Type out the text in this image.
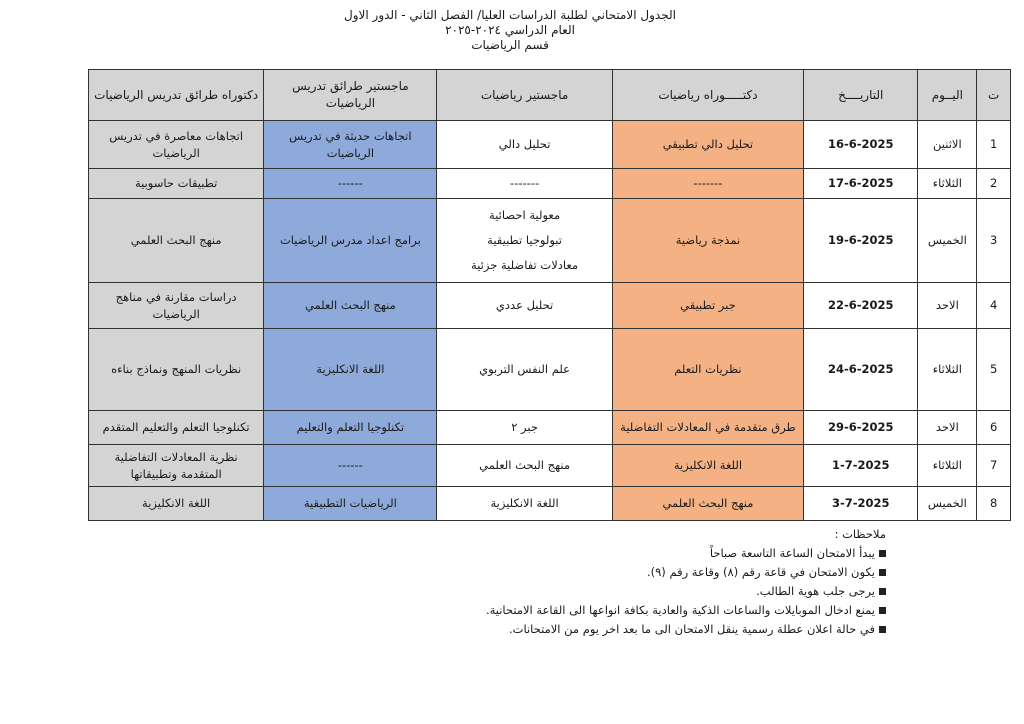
الجدول الامتحاني لطلبة الدراسات العليا/ الفصل الثاني - الدور الاول
العام الدراسي ٢٠٢٤-٢٠٢٥
قسم الرياضيات
ت	اليــوم	التاريــــخ	دكتـــــوراه رياضيات	ماجستير رياضيات	ماجستير طرائق تدريس الرياضيات	دكتوراه طرائق تدريس الرياضيات
1	الاثنين	16-6-2025	تحليل دالي تطبيقي	تحليل دالي	اتجاهات حديثة في تدريس الرياضيات	اتجاهات معاصرة في تدريس الرياضيات
2	الثلاثاء	17-6-2025	-------	-------	------	تطبيقات حاسوبية
3	الخميس	19-6-2025	نمذجة رياضية	معولية احصائية
تبولوجيا تطبيقية
معادلات تفاضلية جزئية	برامج اعداد مدرس الرياضيات	منهج البحث العلمي
4	الاحد	22-6-2025	جبر تطبيقي	تحليل عددي	منهج البحث العلمي	دراسات مقارنة في مناهج الرياضيات
5	الثلاثاء	24-6-2025	نظريات التعلم	علم النفس التربوي	اللغة الانكليزية	نظريات المنهج ونماذج بناءه
6	الاحد	29-6-2025	طرق متقدمة في المعادلات التفاضلية	جبر ٢	تكنلوجيا التعلم والتعليم	تكنلوجيا التعلم والتعليم المتقدم
7	الثلاثاء	1-7-2025	اللغة الانكليزية	منهج البحث العلمي	------	نظرية المعادلات التفاضلية المتقدمة وتطبيقاتها
8	الخميس	3-7-2025	منهج البحث العلمي	اللغة الانكليزية	الرياضيات التطبيقية	اللغة الانكليزية
ملاحظات :
يبدأ الامتحان الساعة التاسعة صباحاً
يكون الامتحان في قاعة رقم (٨) وقاعة رقم (٩).
يرجى جلب هوية الطالب.
يمنع ادخال الموبايلات والساعات الذكية والعادية بكافة انواعها الى القاعة الامتحانية.
في حالة اعلان عطلة رسمية ينقل الامتحان الى ما بعد اخر يوم من الامتحانات.
